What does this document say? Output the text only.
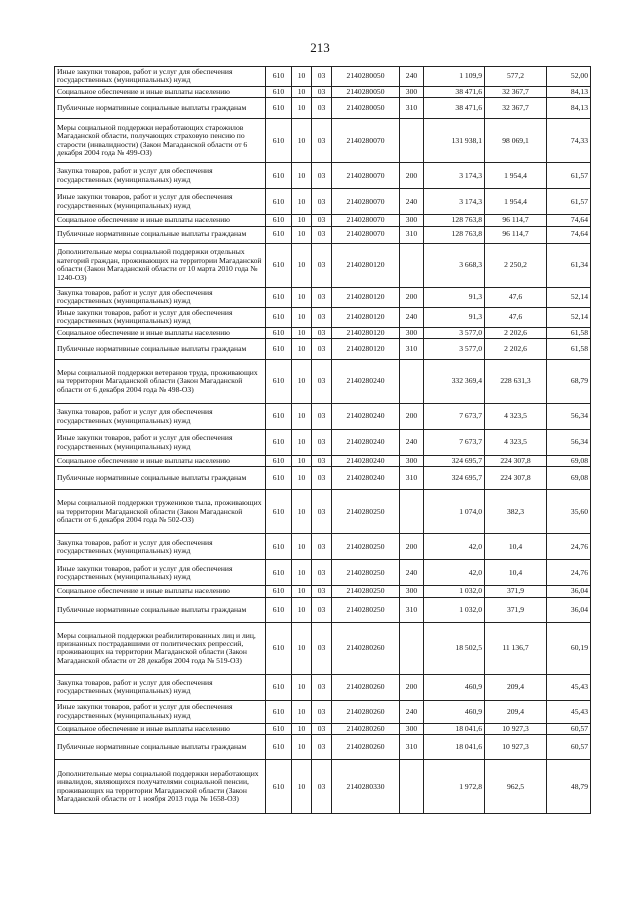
213
Иные закупки товаров, работ и услуг для обеспечения государственных (муниципальных) нужд	610	10	03	2140280050	240	1 109,9	577,2	52,00
Социальное обеспечение и иные выплаты населению	610	10	03	2140280050	300	38 471,6	32 367,7	84,13
Публичные нормативные социальные выплаты гражданам	610	10	03	2140280050	310	38 471,6	32 367,7	84,13
Меры социальной поддержки неработающих старожилов Магаданской области, получающих страховую пенсию по старости (инвалидности) (Закон Магаданской области от 6 декабря 2004 года № 499-ОЗ)	610	10	03	2140280070		131 938,1	98 069,1	74,33
Закупка товаров, работ и услуг для обеспечения государственных (муниципальных) нужд	610	10	03	2140280070	200	3 174,3	1 954,4	61,57
Иные закупки товаров, работ и услуг для обеспечения государственных (муниципальных) нужд	610	10	03	2140280070	240	3 174,3	1 954,4	61,57
Социальное обеспечение и иные выплаты населению	610	10	03	2140280070	300	128 763,8	96 114,7	74,64
Публичные нормативные социальные выплаты гражданам	610	10	03	2140280070	310	128 763,8	96 114,7	74,64
Дополнительные меры социальной поддержки отдельных категорий граждан, проживающих на территории Магаданской области (Закон Магаданской области от 10 марта 2010 года № 1240-ОЗ)	610	10	03	2140280120		3 668,3	2 250,2	61,34
Закупка товаров, работ и услуг для обеспечения государственных (муниципальных) нужд	610	10	03	2140280120	200	91,3	47,6	52,14
Иные закупки товаров, работ и услуг для обеспечения государственных (муниципальных) нужд	610	10	03	2140280120	240	91,3	47,6	52,14
Социальное обеспечение и иные выплаты населению	610	10	03	2140280120	300	3 577,0	2 202,6	61,58
Публичные нормативные социальные выплаты гражданам	610	10	03	2140280120	310	3 577,0	2 202,6	61,58
Меры социальной поддержки ветеранов труда, проживающих на территории Магаданской области (Закон Магаданской области от 6 декабря 2004 года № 498-ОЗ)	610	10	03	2140280240		332 369,4	228 631,3	68,79
Закупка товаров, работ и услуг для обеспечения государственных (муниципальных) нужд	610	10	03	2140280240	200	7 673,7	4 323,5	56,34
Иные закупки товаров, работ и услуг для обеспечения государственных (муниципальных) нужд	610	10	03	2140280240	240	7 673,7	4 323,5	56,34
Социальное обеспечение и иные выплаты населению	610	10	03	2140280240	300	324 695,7	224 307,8	69,08
Публичные нормативные социальные выплаты гражданам	610	10	03	2140280240	310	324 695,7	224 307,8	69,08
Меры социальной поддержки тружеников тыла, проживающих на территории Магаданской области (Закон Магаданской области от 6 декабря 2004 года № 502-ОЗ)	610	10	03	2140280250		1 074,0	382,3	35,60
Закупка товаров, работ и услуг для обеспечения государственных (муниципальных) нужд	610	10	03	2140280250	200	42,0	10,4	24,76
Иные закупки товаров, работ и услуг для обеспечения государственных (муниципальных) нужд	610	10	03	2140280250	240	42,0	10,4	24,76
Социальное обеспечение и иные выплаты населению	610	10	03	2140280250	300	1 032,0	371,9	36,04
Публичные нормативные социальные выплаты гражданам	610	10	03	2140280250	310	1 032,0	371,9	36,04
Меры социальной поддержки реабилитированных лиц и лиц, признанных пострадавшими от политических репрессий, проживающих на территории Магаданской области (Закон Магаданской области от 28 декабря 2004 года № 519-ОЗ)	610	10	03	2140280260		18 502,5	11 136,7	60,19
Закупка товаров, работ и услуг для обеспечения государственных (муниципальных) нужд	610	10	03	2140280260	200	460,9	209,4	45,43
Иные закупки товаров, работ и услуг для обеспечения государственных (муниципальных) нужд	610	10	03	2140280260	240	460,9	209,4	45,43
Социальное обеспечение и иные выплаты населению	610	10	03	2140280260	300	18 041,6	10 927,3	60,57
Публичные нормативные социальные выплаты гражданам	610	10	03	2140280260	310	18 041,6	10 927,3	60,57
Дополнительные меры социальной поддержки неработающих инвалидов, являющихся получателями социальной пенсии, проживающих на территории Магаданской области (Закон Магаданской области от 1 ноября 2013 года № 1658-ОЗ)	610	10	03	2140280330		1 972,8	962,5	48,79
